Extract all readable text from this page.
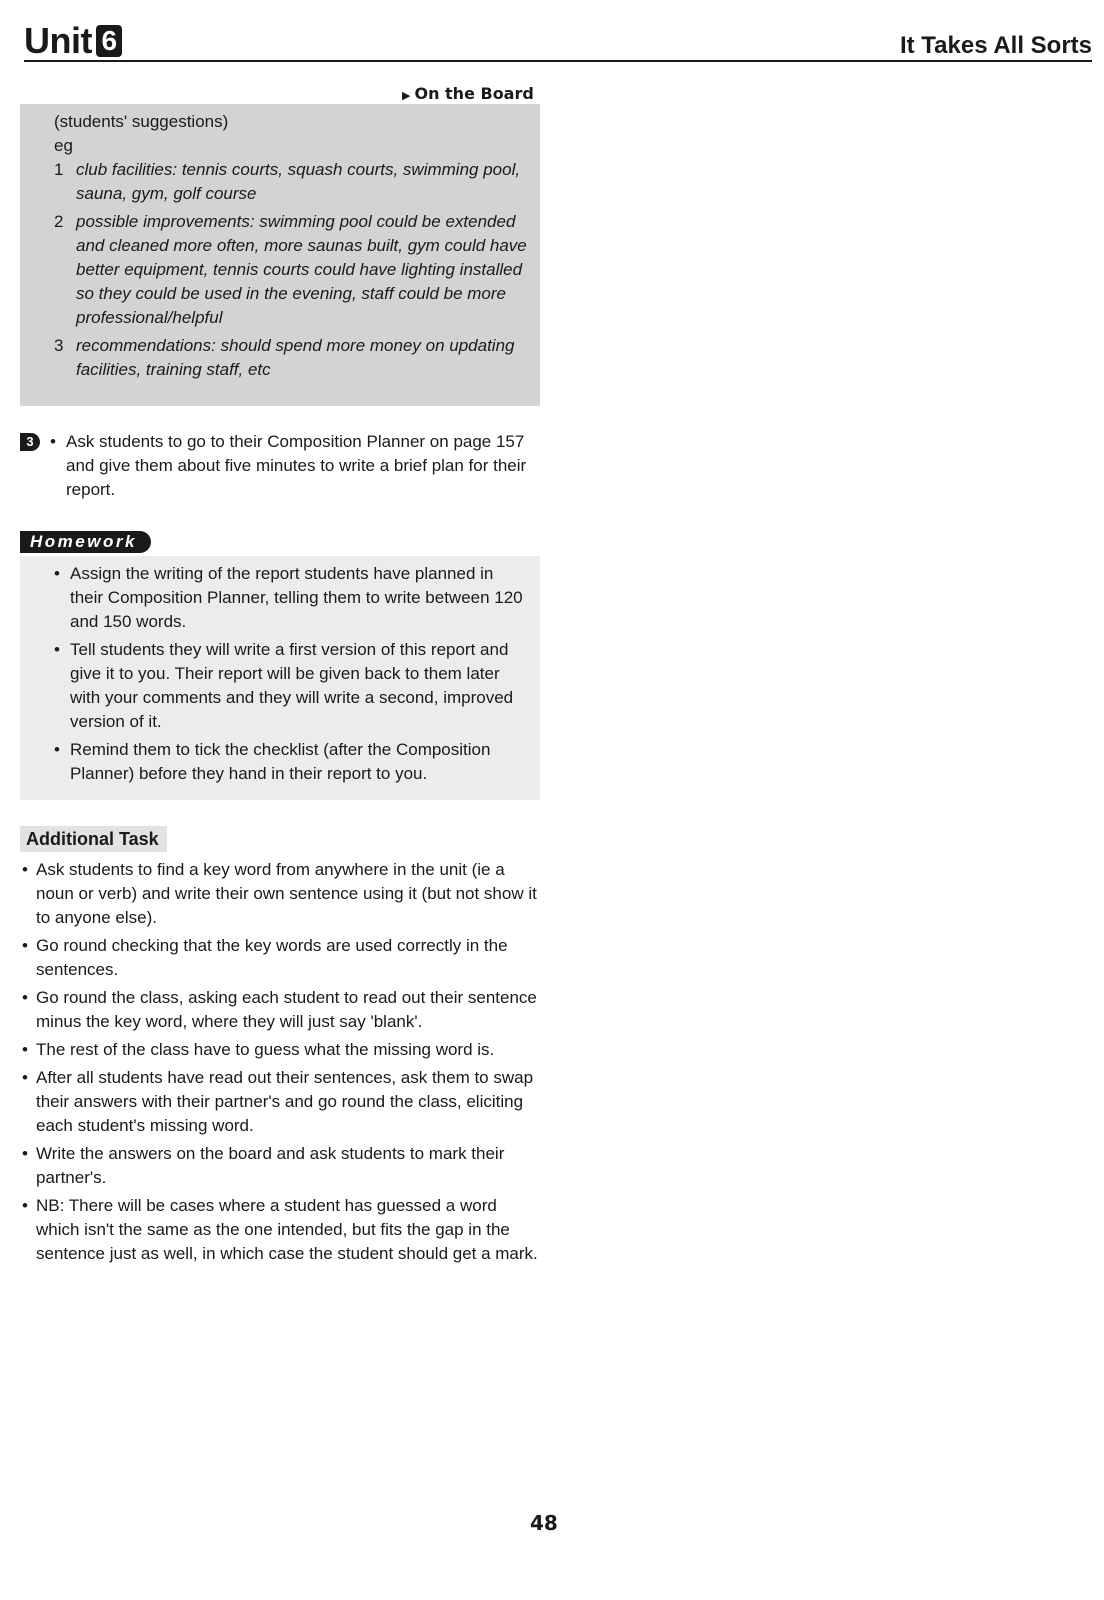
Unit 6	It Takes All Sorts
▶ On the Board
(students' suggestions)
eg
1 club facilities: tennis courts, squash courts, swimming pool, sauna, gym, golf course
2 possible improvements: swimming pool could be extended and cleaned more often, more saunas built, gym could have better equipment, tennis courts could have lighting installed so they could be used in the evening, staff could be more professional/helpful
3 recommendations: should spend more money on updating facilities, training staff, etc
3
•	Ask students to go to their Composition Planner on page 157 and give them about five minutes to write a brief plan for their report.
Homework
• Assign the writing of the report students have planned in their Composition Planner, telling them to write between 120 and 150 words.
• Tell students they will write a first version of this report and give it to you. Their report will be given back to them later with your comments and they will write a second, improved version of it.
• Remind them to tick the checklist (after the Composition Planner) before they hand in their report to you.
Additional Task
• Ask students to find a key word from anywhere in the unit (ie a noun or verb) and write their own sentence using it (but not show it to anyone else).
• Go round checking that the key words are used correctly in the sentences.
• Go round the class, asking each student to read out their sentence minus the key word, where they will just say 'blank'.
• The rest of the class have to guess what the missing word is.
• After all students have read out their sentences, ask them to swap their answers with their partner's and go round the class, eliciting each student's missing word.
• Write the answers on the board and ask students to mark their partner's.
• NB: There will be cases where a student has guessed a word which isn't the same as the one intended, but fits the gap in the sentence just as well, in which case the student should get a mark.
48
